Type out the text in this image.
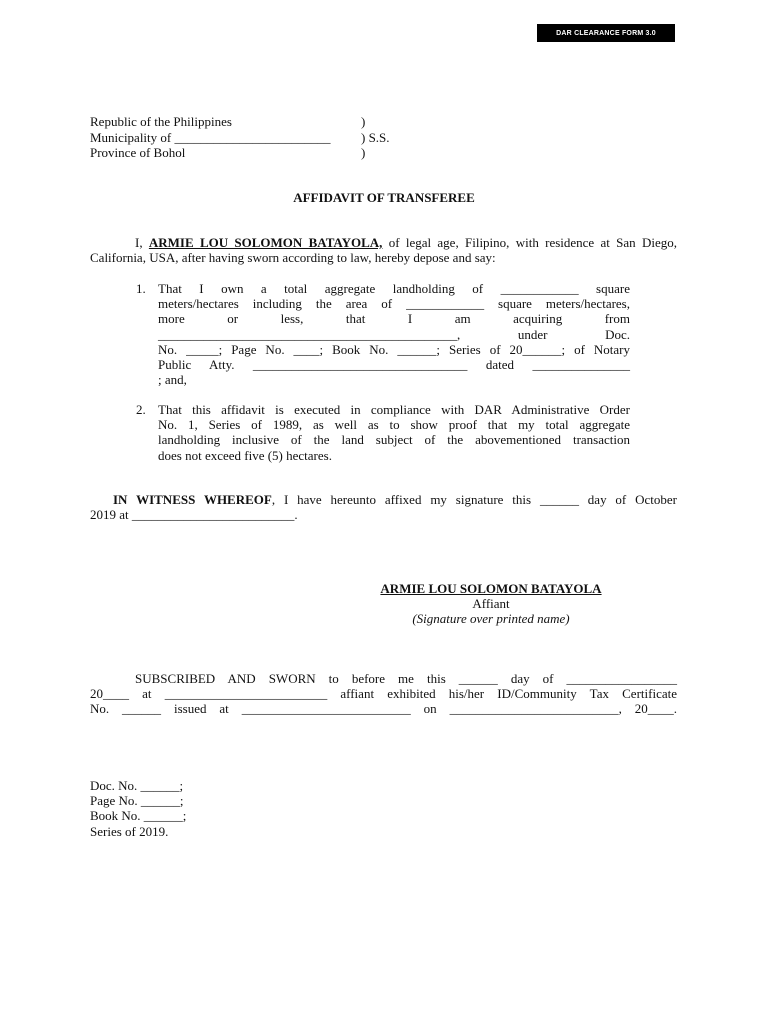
DAR CLEARANCE FORM 3.0
Republic of the Philippines	)
Municipality of ________________________ ) S.S.
Province of Bohol	)
AFFIDAVIT OF TRANSFEREE
I, ARMIE LOU SOLOMON BATAYOLA, of legal age, Filipino, with residence at San Diego, California, USA, after having sworn according to law, hereby depose and say:
1. That I own a total aggregate landholding of ____________ square
meters/hectares including the area of ____________ square meters/hectares,
more or less, that I am acquiring from
______________________________________________, under Doc.
No. _____; Page No. ____; Book No. ______; Series of 20______; of Notary
Public Atty. _________________________________ dated _______________
; and,
2. That this affidavit is executed in compliance with DAR Administrative Order
No. 1, Series of 1989, as well as to show proof that my total aggregate
landholding inclusive of the land subject of the abovementioned transaction
does not exceed five (5) hectares.
IN WITNESS WHEREOF, I have hereunto affixed my signature this ______ day of October
2019 at _________________________.
ARMIE LOU SOLOMON BATAYOLA
Affiant
(Signature over printed name)
SUBSCRIBED AND SWORN to before me this ______ day of _________________
20____ at _________________________ affiant exhibited his/her ID/Community Tax Certificate
No. ______ issued at __________________________ on __________________________, 20____.
Doc. No. ______;
Page No. ______;
Book No. ______;
Series of 2019.
